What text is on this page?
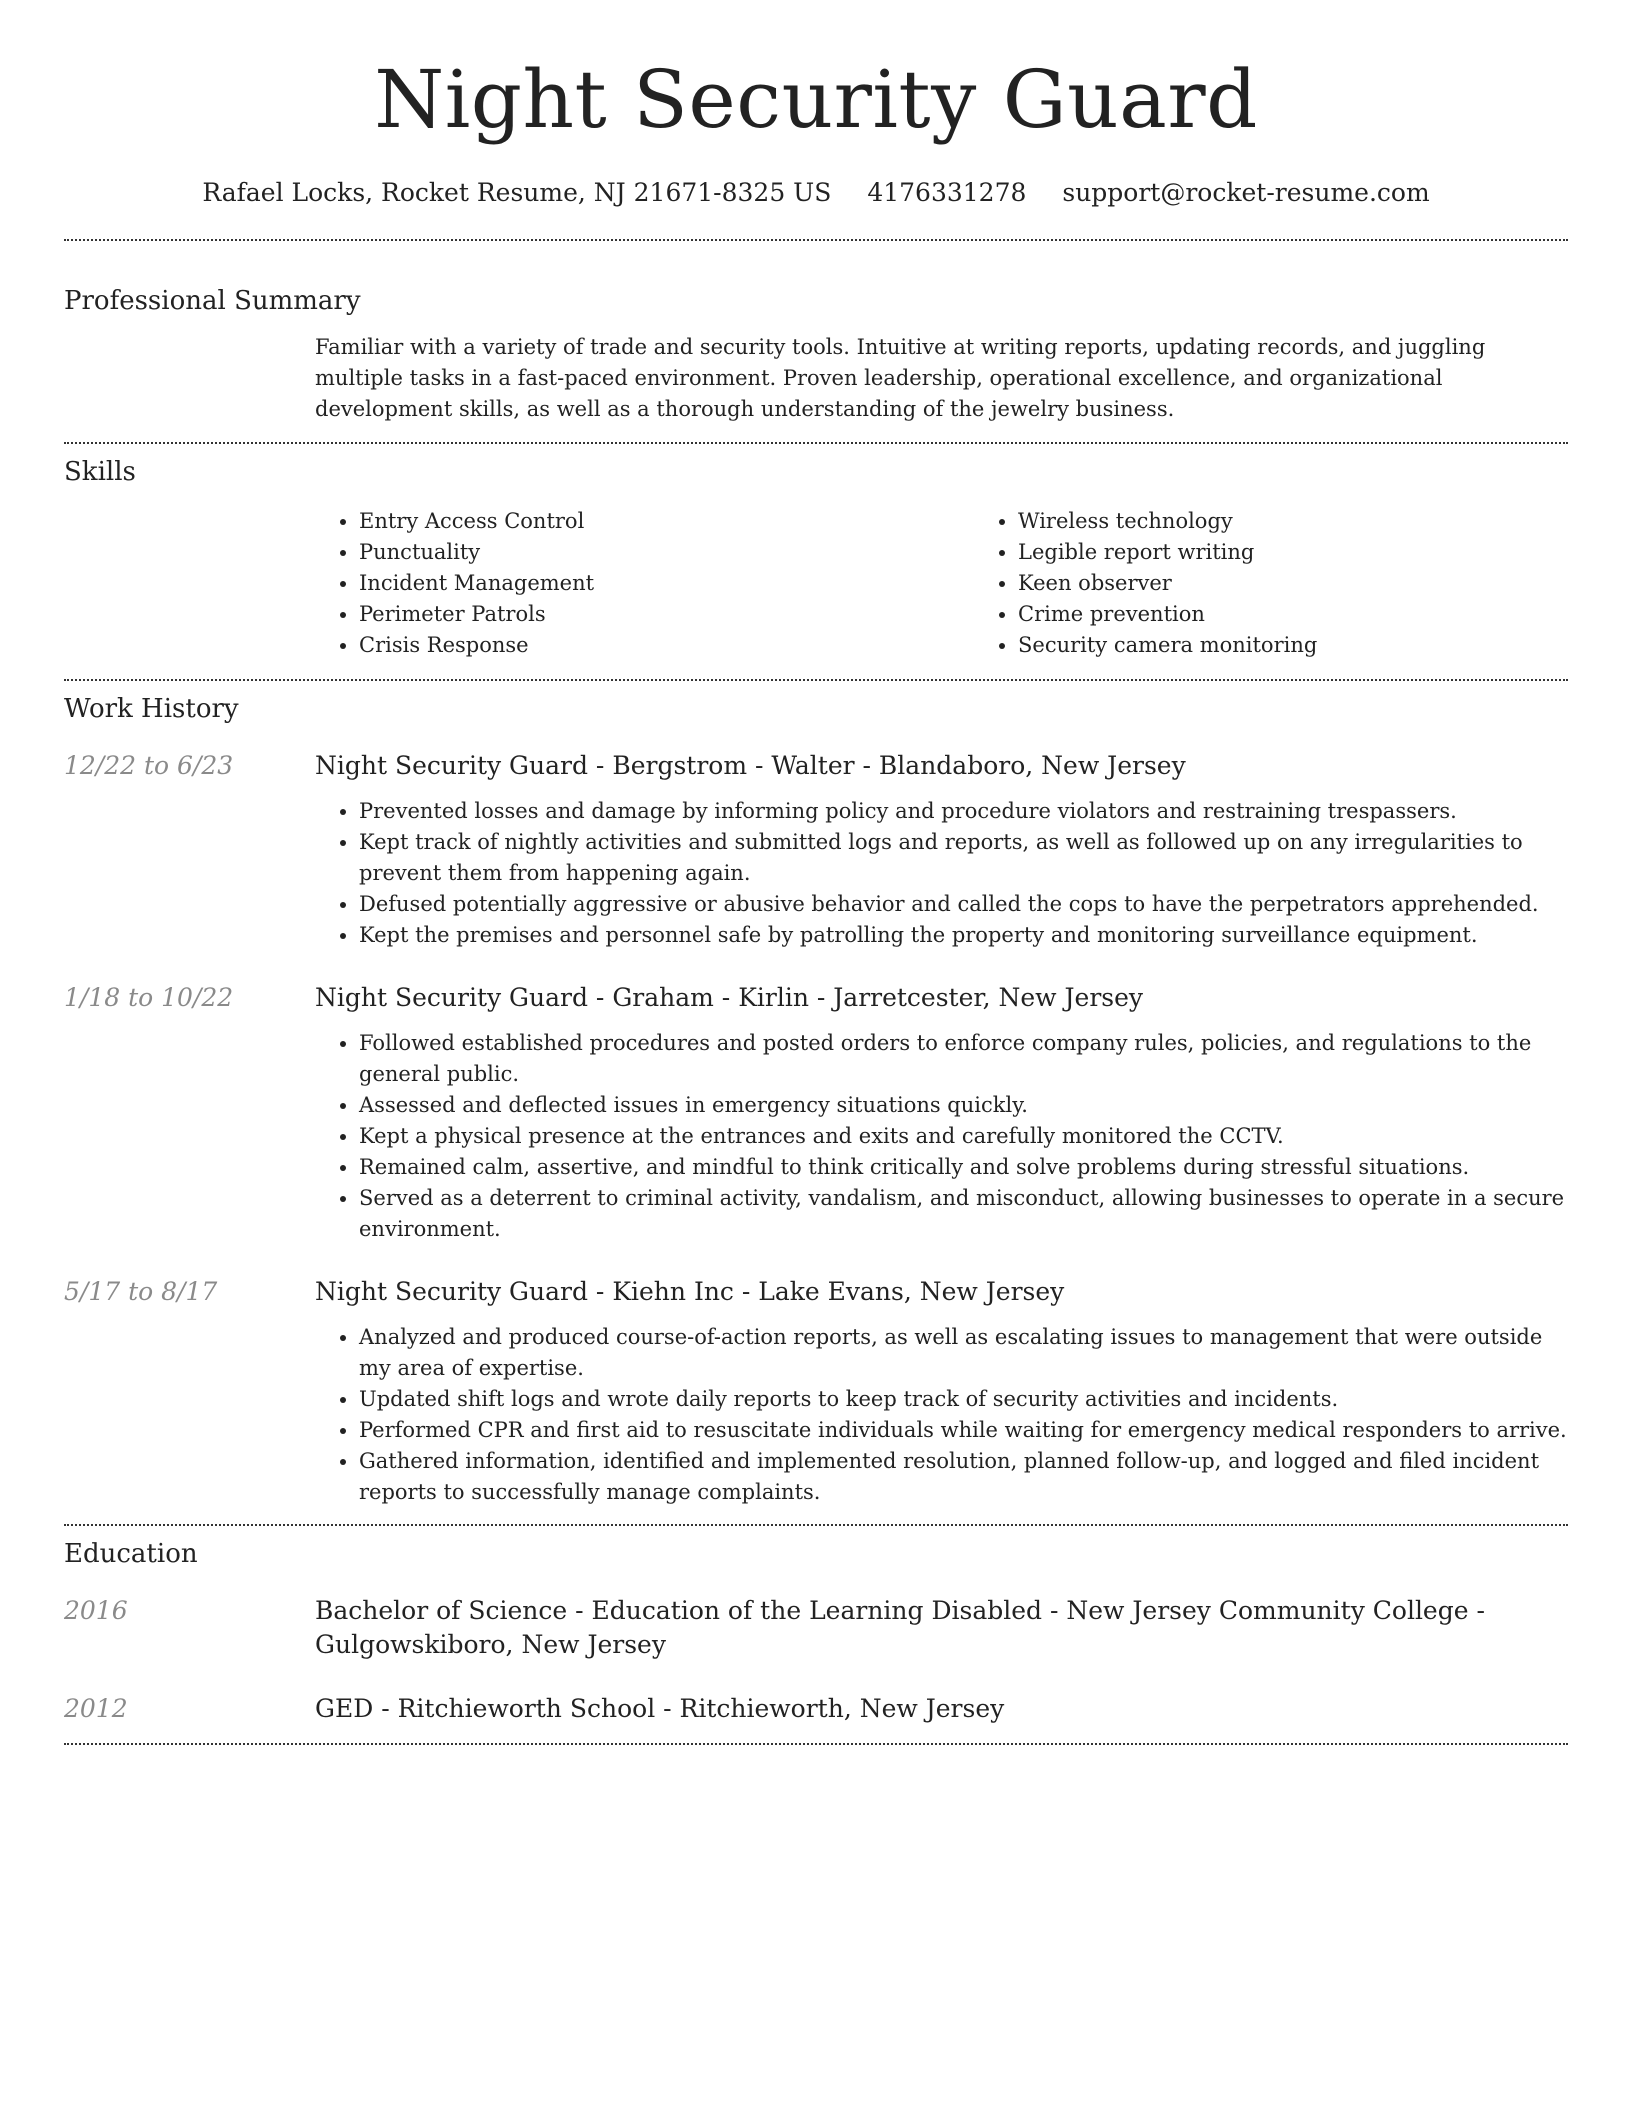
Night Security Guard
Rafael Locks, Rocket Resume, NJ 21671-8325 US 4176331278 support@rocket-resume.com
Professional Summary

Familiar with a variety of trade and security tools. Intuitive at writing reports, updating records, and juggling multiple tasks in a fast-paced environment. Proven leadership, operational excellence, and organizational development skills, as well as a thorough understanding of the jewelry business.

Skills
• Entry Access Control
• Punctuality
• Incident Management
• Perimeter Patrols
• Crisis Response
• Wireless technology
• Legible report writing
• Keen observer
• Crime prevention
• Security camera monitoring
Work History
12/22 to 6/23	Night Security Guard - Bergstrom - Walter - Blandaboro, New Jersey
• Prevented losses and damage by informing policy and procedure violators and restraining trespassers.
• Kept track of nightly activities and submitted logs and reports, as well as followed up on any irregularities to prevent them from happening again.
• Defused potentially aggressive or abusive behavior and called the cops to have the perpetrators apprehended.
• Kept the premises and personnel safe by patrolling the property and monitoring surveillance equipment.
1/18 to 10/22	Night Security Guard - Graham - Kirlin - Jarretcester, New Jersey
• Followed established procedures and posted orders to enforce company rules, policies, and regulations to the general public.
• Assessed and deflected issues in emergency situations quickly.
• Kept a physical presence at the entrances and exits and carefully monitored the CCTV.
• Remained calm, assertive, and mindful to think critically and solve problems during stressful situations.
• Served as a deterrent to criminal activity, vandalism, and misconduct, allowing businesses to operate in a secure environment.
5/17 to 8/17	Night Security Guard - Kiehn Inc - Lake Evans, New Jersey
• Analyzed and produced course-of-action reports, as well as escalating issues to management that were outside my area of expertise.
• Updated shift logs and wrote daily reports to keep track of security activities and incidents.
• Performed CPR and first aid to resuscitate individuals while waiting for emergency medical responders to arrive.
• Gathered information, identified and implemented resolution, planned follow-up, and logged and filed incident reports to successfully manage complaints.
Education
2016	Bachelor of Science - Education of the Learning Disabled - New Jersey Community College - Gulgowskiboro, New Jersey
2012	GED - Ritchieworth School - Ritchieworth, New Jersey
